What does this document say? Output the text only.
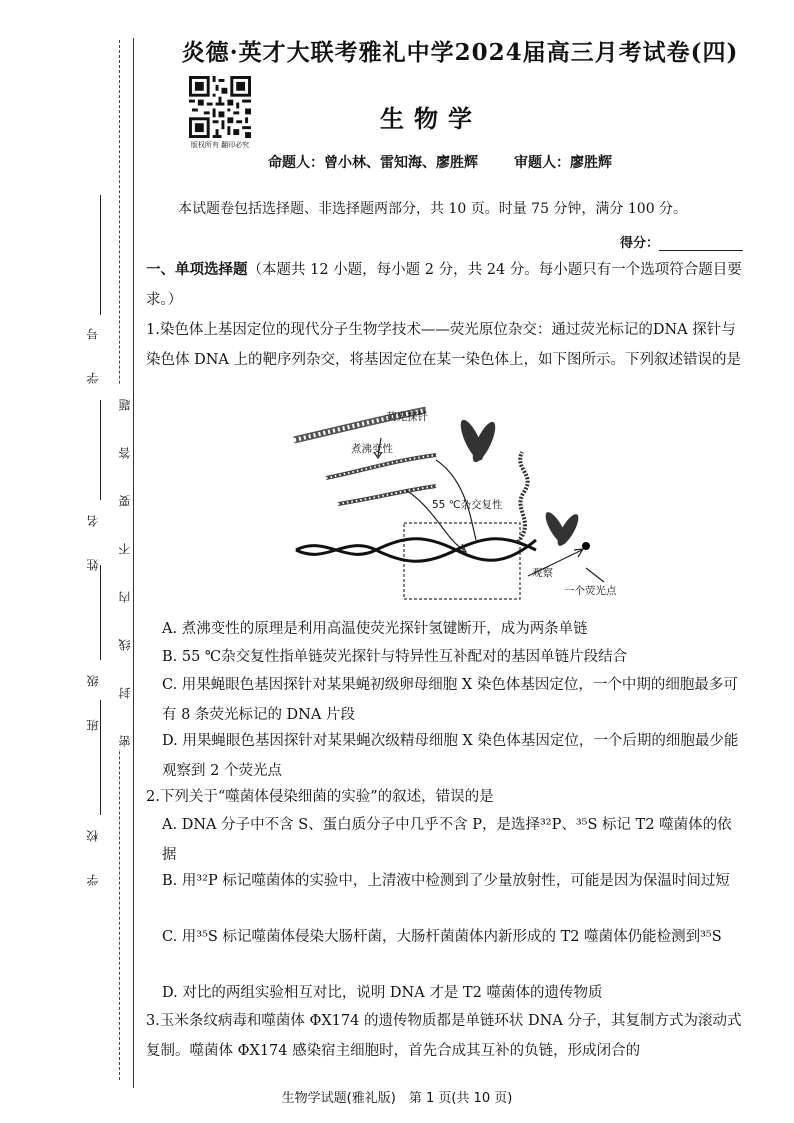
学　号
姓　名
班　级
学　校
密　封　线　内　不　要　答　题
炎德·英才大联考雅礼中学2024届高三月考试卷(四)
版权所有 翻印必究
生物学
命题人：曾小林、雷知海、廖胜辉	审题人：廖胜辉
本试题卷包括选择题、非选择题两部分，共 10 页。时量 75 分钟，满分 100 分。
得分：
一、单项选择题（本题共 12 小题，每小题 2 分，共 24 分。每小题只有一个选项符合题目要求。）
1.染色体上基因定位的现代分子生物学技术——荧光原位杂交：通过荧光标记的DNA 探针与染色体 DNA 上的靶序列杂交，将基因定位在某一染色体上，如下图所示。下列叙述错误的是
荧光探针
煮沸变性
55 ℃杂交复性
观察
一个荧光点
A. 煮沸变性的原理是利用高温使荧光探针氢键断开，成为两条单链
B. 55 ℃杂交复性指单链荧光探针与特异性互补配对的基因单链片段结合
C. 用果蝇眼色基因探针对某果蝇初级卵母细胞 X 染色体基因定位，一个中期的细胞最多可有 8 条荧光标记的 DNA 片段
D. 用果蝇眼色基因探针对某果蝇次级精母细胞 X 染色体基因定位，一个后期的细胞最少能观察到 2 个荧光点
2.下列关于“噬菌体侵染细菌的实验”的叙述，错误的是
A. DNA 分子中不含 S、蛋白质分子中几乎不含 P，是选择³²P、³⁵S 标记 T2 噬菌体的依据
B. 用³²P 标记噬菌体的实验中，上清液中检测到了少量放射性，可能是因为保温时间过短
C. 用³⁵S 标记噬菌体侵染大肠杆菌，大肠杆菌菌体内新形成的 T2 噬菌体仍能检测到³⁵S
D. 对比的两组实验相互对比，说明 DNA 才是 T2 噬菌体的遗传物质
3.玉米条纹病毒和噬菌体 ΦX174 的遗传物质都是单链环状 DNA 分子，其复制方式为滚动式复制。噬菌体 ΦX174 感染宿主细胞时，首先合成其互补的负链，形成闭合的
生物学试题(雅礼版)　第 1 页(共 10 页)
